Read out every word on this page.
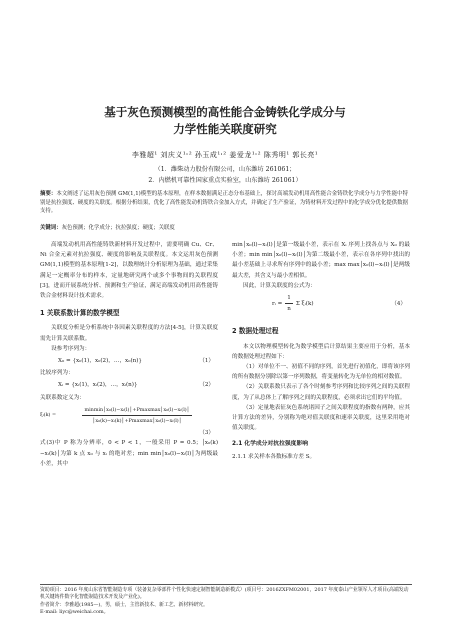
基于灰色预测模型的高性能合金铸铁化学成分与
力学性能关联度研究
李雅超¹ 刘庆义¹˒² 孙玉成¹˒² 姜爱龙¹˒² 陈秀明¹ 郭长亮¹
（1．潍柴动力股份有限公司，山东潍坊 261061；
2．内燃机可靠性国家重点实验室，山东潍坊 261061）
摘要：本文阐述了运用灰色预测 GM(1,1)模型的基本原理，在样本数据满足正态分布基础上，探讨高端发动机用高性能合金铸铁化学成分与力学性能中特别是抗拉强度、硬度的关联度。根据分析结果，优化了高性能发动机铸铁合金加入方式，并确定了生产验证，为铸材料开发过程中的化学成分优化提供数据支持。
关键词：灰色预测；化学成分；抗拉强度；硬度；关联度

高端发动机用高性能铸铁新材料开发过程中，需要明确 Cu、Cr、Ni 合金元素对抗拉强度、硬度的影响及关联程度。本文运用灰色预测 GM(1,1)模型的基本原理[1-2]，以数理统计分析原理为基础，通过采集满足一定概率分布的样本，定量地研究两个或多个事物间的关联程度[3]，进而开展系统分析、预测和生产验证，满足高端发动机用高性能铸铁合金材料设计技术需求。

1 关联系数计算的数学模型

关联度分析是分析系统中各因素关联程度的方法[4-5]，计算关联度需先计算关联系数。

设参考序列为：

X₀ = {x₀(1)，x₀(2)，…，x₀(n)}	（1）

比较序列为：

Xᵢ = {xᵢ(1)，xᵢ(2)，…，xᵢ(n)}	（2）

关联系数定义为：

ξᵢ(k) =	$\frac{\text{minmin│x₀(l)−xᵢ(l)│+Pmaxmax│x₀(l)−xᵢ(l)│}}{\text{│x₀(k)−xᵢ(k)│+Pmaxmax│x₀(l)−xᵢ(l)│}}$
（3）

式(3)中 P 称为分辨率，0 < P < 1，一般采用 P = 0.5；│x₀(k)−xᵢ(k)│为第 k 点 x₀ 与 xᵢ 的绝对差；min min│x₀(l)−xᵢ(l)│为两级最小差，其中

min│x₀(l)−xᵢ(l)│是第一级最小差，表示在 Xᵢ 序列上找各点与 X₀ 的最小差；min min│x₀(l)−xᵢ(l)│为第二级最小差，表示在各序列中找出的最小差基础上寻求所有序列中的最小差；max max│x₀(l)−xᵢ(l)│是两级最大差，其含义与最小差相似。

因此，计算关联度的公式为：

rᵢ = $\frac{1}{n}$ Σ ξᵢ(k)	（4）
2 数据处理过程

本文以物理模型转化为数学模型后计算结果主要应用于分析，基本的数据处理过程如下：

（1）对单位不一、初值不同的序列，首先进行初值化，即将该序列的所有数据分别除以第一序列数据，将变量转化为无单位的相对数值。

（2）关联系数只表示了各个时刻参考序列和比较序列之间的关联程度，为了从总体上了解序列之间的关联程度，必须求出它们的平均值。

（3）定量地表征灰色系统诸因子之间关联程度的指数有两种，应其计算方法的差异，分别称为绝对值关联度和速率关联度，这里采用绝对值关联度。

2.1 化学成分对抗拉强度影响
2.1.1 求关样本各数标准方差 S。
资助项目：2016 年度山东省智能制造专项（装备复杂零部件个性化快速定制智能制造新模式）(项目号：2016ZXFM02001，2017 年度泰山产业领军人才项目(高端发动机关键铸件数字化智能制造技术开发及产业化)。
作者简介：李雅超(1985—)，男，硕士，主管新技术、新工艺、新材料研究。
E-mail: liyc@weichai.com。
